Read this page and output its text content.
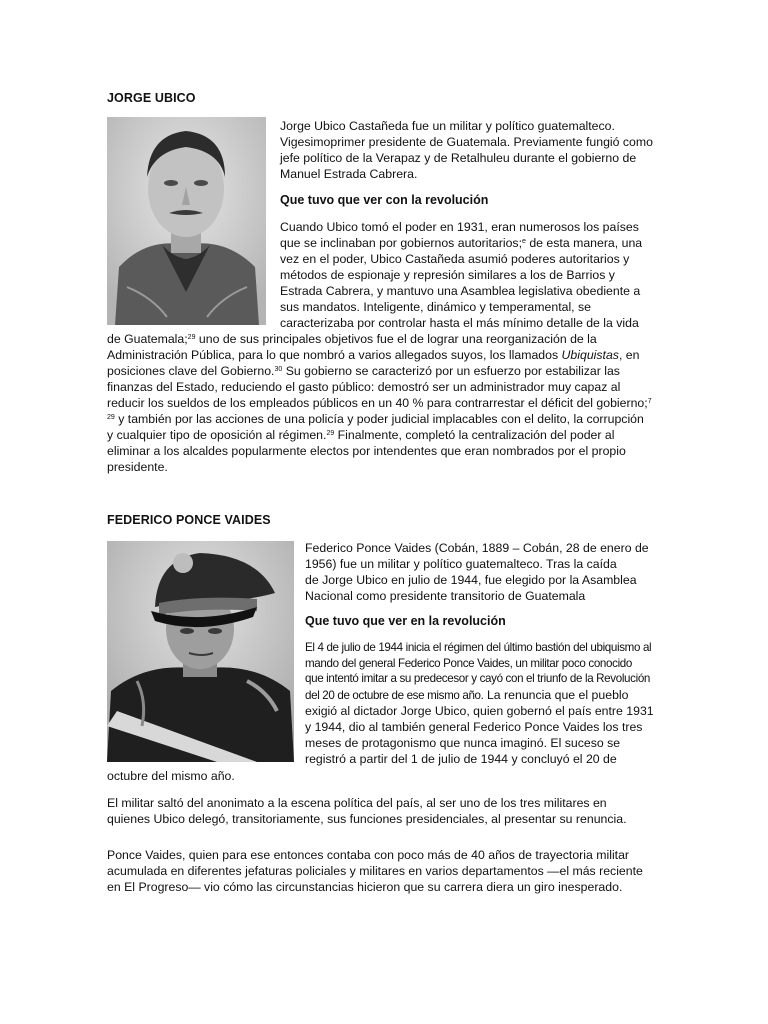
JORGE UBICO
Jorge Ubico Castañeda fue un militar y político guatemalteco.
Vigesimoprimer presidente de Guatemala. Previamente fungió como
jefe político de la Verapaz y de Retalhuleu durante el gobierno de
Manuel Estrada Cabrera.
Que tuvo que ver con la revolución
Cuando Ubico tomó el poder en 1931, eran numerosos los países
que se inclinaban por gobiernos autoritarios;$^e$ de esta manera, una
vez en el poder, Ubico Castañeda asumió poderes autoritarios y
métodos de espionaje y represión similares a los de Barrios y
Estrada Cabrera, y mantuvo una Asamblea legislativa obediente a
sus mandatos. Inteligente, dinámico y temperamental, se
caracterizaba por controlar hasta el más mínimo detalle de la vida
de Guatemala;$^{29}$ uno de sus principales objetivos fue el de lograr una reorganización de la
Administración Pública, para lo que nombró a varios allegados suyos, los llamados Ubiquistas, en
posiciones clave del Gobierno.$^{30}$ Su gobierno se caracterizó por un esfuerzo por estabilizar las
finanzas del Estado, reduciendo el gasto público: demostró ser un administrador muy capaz al
reducir los sueldos de los empleados públicos en un 40 % para contrarrestar el déficit del gobierno;$^7$
$^{29}$ y también por las acciones de una policía y poder judicial implacables con el delito, la corrupción
y cualquier tipo de oposición al régimen.$^{29}$ Finalmente, completó la centralización del poder al
eliminar a los alcaldes popularmente electos por intendentes que eran nombrados por el propio
presidente.
FEDERICO PONCE VAIDES
Federico Ponce Vaides (Cobán, 1889 – Cobán, 28 de enero de
1956) fue un militar y político guatemalteco. Tras la caída
de Jorge Ubico en julio de 1944, fue elegido por la Asamblea
Nacional como presidente transitorio de Guatemala
Que tuvo que ver en la revolución
El 4 de julio de 1944 inicia el régimen del último bastión del ubiquismo al
mando del general Federico Ponce Vaides, un militar poco conocido
que intentó imitar a su predecesor y cayó con el triunfo de la Revolución
del 20 de octubre de ese mismo año. La renuncia que el pueblo
exigió al dictador Jorge Ubico, quien gobernó el país entre 1931
y 1944, dio al también general Federico Ponce Vaides los tres
meses de protagonismo que nunca imaginó. El suceso se
registró a partir del 1 de julio de 1944 y concluyó el 20 de
octubre del mismo año.
El militar saltó del anonimato a la escena política del país, al ser uno de los tres militares en
quienes Ubico delegó, transitoriamente, sus funciones presidenciales, al presentar su renuncia.
Ponce Vaides, quien para ese entonces contaba con poco más de 40 años de trayectoria militar
acumulada en diferentes jefaturas policiales y militares en varios departamentos —el más reciente
en El Progreso— vio cómo las circunstancias hicieron que su carrera diera un giro inesperado.
